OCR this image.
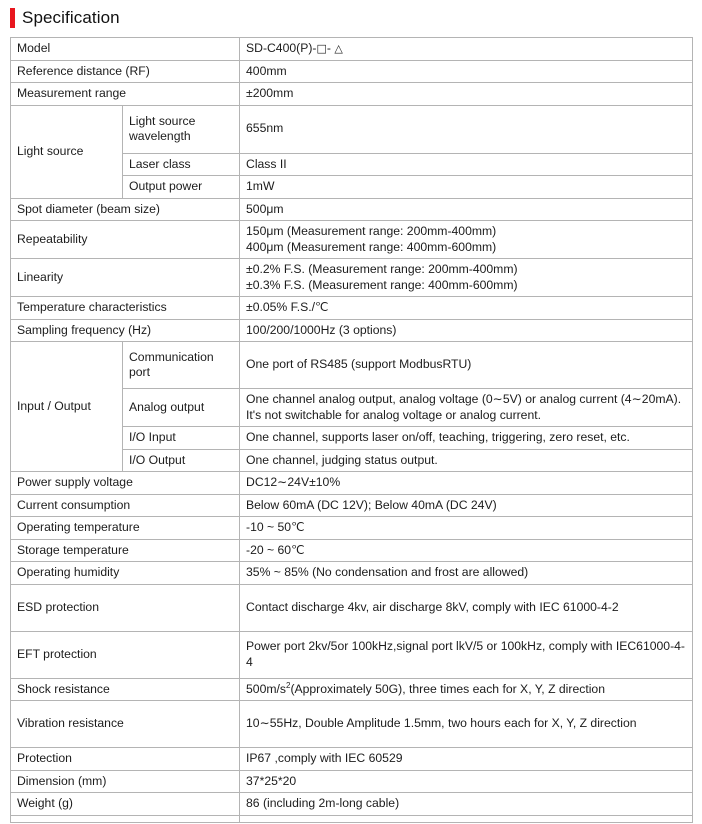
Specification
Model		SD-C400(P)-□- △
Reference distance (RF)		400mm
Measurement range		±200mm
Light source	Light source wavelength	655nm
	Laser class	Class II
	Output power	1mW
Spot diameter (beam size)		500μm
Repeatability		150μm (Measurement range: 200mm-400mm)
400μm (Measurement range: 400mm-600mm)

Linearity		±0.2% F.S. (Measurement range: 200mm-400mm)
±0.3% F.S. (Measurement range: 400mm-600mm)

Temperature characteristics		±0.05% F.S./℃
Sampling frequency (Hz)		100/200/1000Hz (3 options)
Input / Output	Communication port	One port of RS485 (support ModbusRTU)
	Analog output	One channel analog output, analog voltage (0∼5V) or analog current (4∼20mA). It's not switchable for analog voltage or analog current.
	I/O Input	One channel, supports laser on/off, teaching, triggering, zero reset, etc.
	I/O Output	One channel, judging status output.
Power supply voltage		DC12∼24V±10%
Current consumption		Below 60mA (DC 12V); Below 40mA (DC 24V)
Operating temperature		-10 ~ 50℃
Storage temperature		-20 ~ 60℃
Operating humidity		35% ~ 85% (No condensation and frost are allowed)
ESD protection		Contact discharge 4kv, air discharge 8kV, comply with IEC 61000-4-2
EFT protection		Power port 2kv/5or 100kHz,signal port lkV/5 or 100kHz, comply with IEC61000-4-4
Shock resistance		$500m/s^2(Approximately$ 50G), three times each for X, Y, Z direction
Vibration resistance		10∼55Hz, Double Amplitude 1.5mm, two hours each for X, Y, Z direction
Protection		IP67 ,comply with IEC 60529
Dimension (mm)		37*25*20
Weight (g)		86 (including 2m-long cable)
